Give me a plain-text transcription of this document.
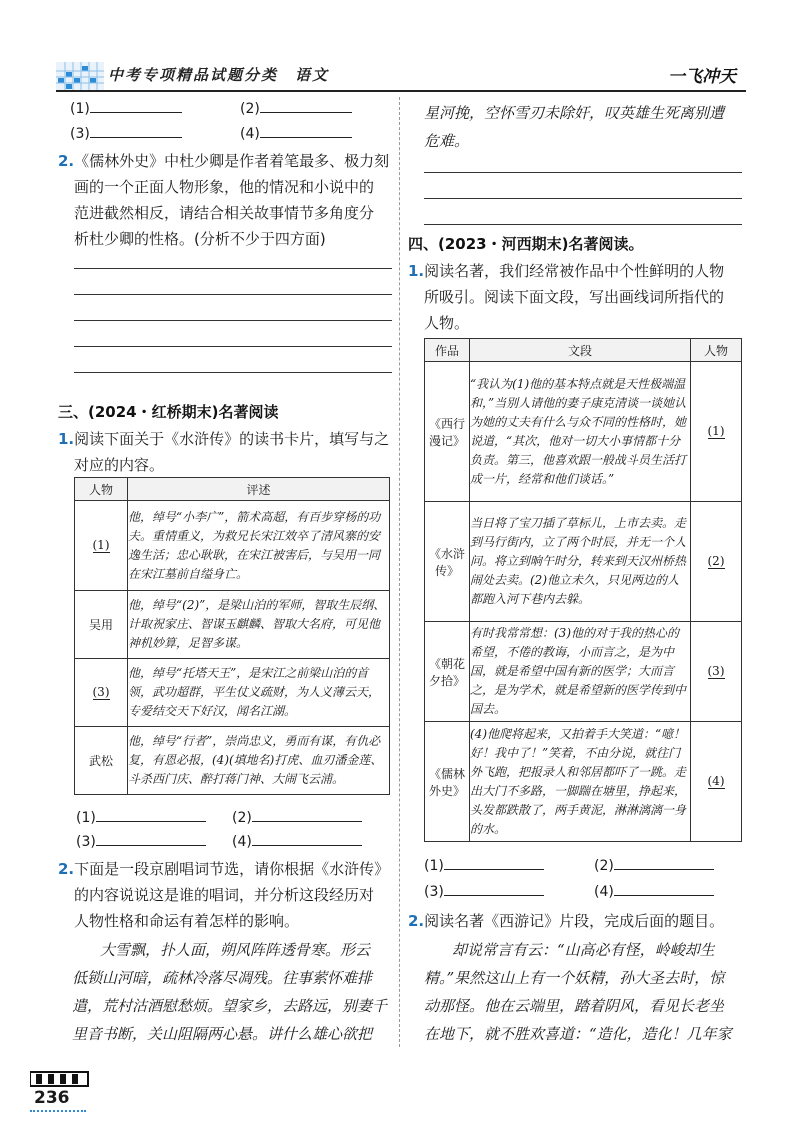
中考专项精品试题分类　语文	一飞冲天
(1)	(2)
(3)	(4)
2.《儒林外史》中杜少卿是作者着笔最多、极力刻
画的一个正面人物形象，他的情况和小说中的
范进截然相反，请结合相关故事情节多角度分
析杜少卿的性格。(分析不少于四方面)
三、(2024・红桥期末)名著阅读
1.阅读下面关于《水浒传》的读书卡片，填写与之
对应的内容。
人物	评述
(1)	他，绰号“小李广”，箭术高超，有百步穿杨的功夫。重情重义，为救兄长宋江效卒了清风寨的安逸生活；忠心耿耿，在宋江被害后，与吴用一同在宋江墓前自缢身亡。
吴用	他，绰号“(2)”，是梁山泊的军师，智取生辰纲、计取祝家庄、智谋玉麒麟、智取大名府，可见他神机妙算，足智多谋。
(3)	他，绰号“托塔天王”，是宋江之前梁山泊的首领，武功超群，平生仗义疏财，为人义薄云天，专爱结交天下好汉，闻名江湖。
武松	他，绰号“行者”，崇尚忠义，勇而有谋，有仇必复，有恩必报，(4)(填地名)打虎、血刃潘金莲、斗杀西门庆、醉打蒋门神、大闹飞云浦。
(1)	(2)
(3)	(4)
2.下面是一段京剧唱词节选，请你根据《水浒传》
的内容说说这是谁的唱词，并分析这段经历对
人物性格和命运有着怎样的影响。
大雪飘，扑人面，朔风阵阵透骨寒。形云
低锁山河暗，疏林冷落尽凋残。往事萦怀难排
遣，荒村沽酒慰愁烦。望家乡，去路远，别妻千
里音书断，关山阻隔两心悬。讲什么雄心欲把
236
星河挽，空怀雪刃未除奸，叹英雄生死离别遭
危难。
四、(2023・河西期末)名著阅读。
1.阅读名著，我们经常被作品中个性鲜明的人物
所吸引。阅读下面文段，写出画线词所指代的
人物。
作品	文段	人物
《西行漫记》	“我认为(1)他的基本特点就是天性极端温和，”当别人请他的妻子康克清谈一谈她认为她的丈夫有什么与众不同的性格时，她说道，“其次，他对一切大小事情都十分负责。第三，他喜欢跟一般战斗员生活打成一片，经常和他们谈话。”	(1)
《水浒传》	当日将了宝刀插了草标儿，上市去卖。走到马行街内，立了两个时辰，并无一个人问。将立到晌午时分，转来到天汉州桥热闹处去卖。(2)他立未久，只见两边的人都跑入河下巷内去躲。	(2)
《朝花夕拾》	有时我常常想：(3)他的对于我的热心的希望，不倦的教诲，小而言之，是为中国，就是希望中国有新的医学；大而言之，是为学术，就是希望新的医学传到中国去。	(3)
《儒林外史》	(4)他爬将起来，又拍着手大笑道：“噫！好！我中了！”笑着，不由分说，就往门外飞跑，把报录人和邻居都吓了一跳。走出大门不多路，一脚踹在塘里，挣起来，头发都跌散了，两手黄泥，淋淋漓漓一身的水。	(4)
(1)	(2)
(3)	(4)
2.阅读名著《西游记》片段，完成后面的题目。
却说常言有云：“山高必有怪，岭峻却生
精。”果然这山上有一个妖精，孙大圣去时，惊
动那怪。他在云端里，踏着阴风，看见长老坐
在地下，就不胜欢喜道：“造化，造化！几年家
